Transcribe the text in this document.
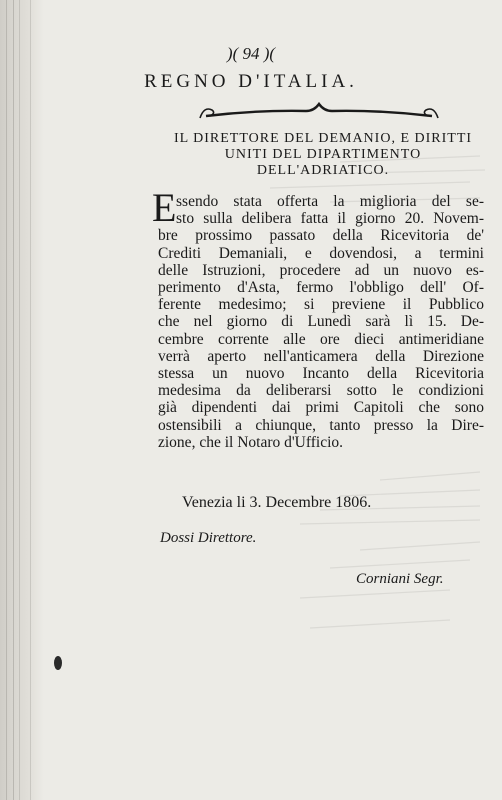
)( 94 )(
REGNO D'ITALIA.
IL DIRETTORE DEL DEMANIO, E DIRITTI
UNITI DEL DIPARTIMENTO
DELL'ADRIATICO.
E ssendo stata offerta la miglioria del se-
sto sulla delibera fatta il giorno 20. Novem-
bre prossimo passato della Ricevitoria de'
Crediti Demaniali, e dovendosi, a termini
delle Istruzioni, procedere ad un nuovo es-
perimento d'Asta, fermo l'obbligo dell' Of-
ferente medesimo; si previene il Pubblico
che nel giorno di Lunedì sarà lì 15. De-
cembre corrente alle ore dieci antimeridiane
verrà aperto nell'anticamera della Direzione
stessa un nuovo Incanto della Ricevitoria
medesima da deliberarsi sotto le condizioni
già dipendenti dai primi Capitoli che sono
ostensibili a chiunque, tanto presso la Dire-
zione, che il Notaro d'Ufficio.
Venezia li 3. Decembre 1806.
Dossi Direttore.
Corniani Segr.
